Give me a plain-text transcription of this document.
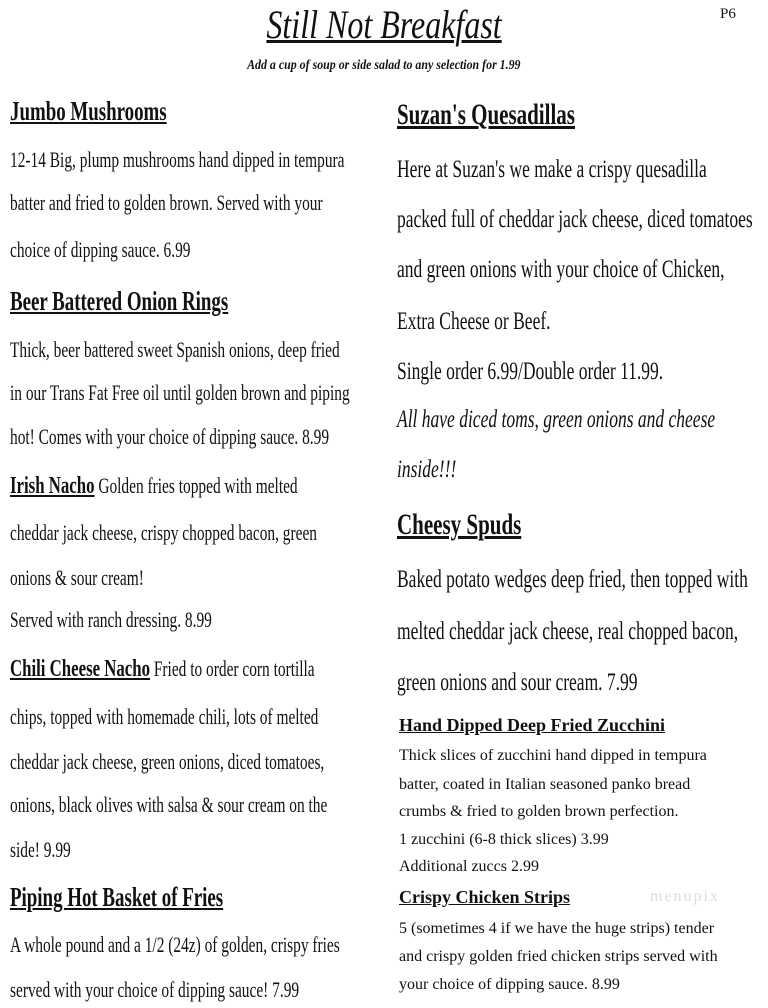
Still Not Breakfast	P6
Add a cup of soup or side salad to any selection for 1.99
Jumbo Mushrooms
12-14 Big, plump mushrooms hand dipped in tempura
batter and fried to golden brown. Served with your
choice of dipping sauce. 6.99
Beer Battered Onion Rings
Thick, beer battered sweet Spanish onions, deep fried
in our Trans Fat Free oil until golden brown and piping
hot! Comes with your choice of dipping sauce. 8.99
Irish Nacho Golden fries topped with melted
cheddar jack cheese, crispy chopped bacon, green
onions & sour cream!
Served with ranch dressing. 8.99
Chili Cheese Nacho Fried to order corn tortilla
chips, topped with homemade chili, lots of melted
cheddar jack cheese, green onions, diced tomatoes,
onions, black olives with salsa & sour cream on the
side! 9.99
Piping Hot Basket of Fries
A whole pound and a 1/2 (24z) of golden, crispy fries
served with your choice of dipping sauce! 7.99
Suzan's Quesadillas
Here at Suzan's we make a crispy quesadilla
packed full of cheddar jack cheese, diced tomatoes
and green onions with your choice of Chicken,
Extra Cheese or Beef.
Single order 6.99/Double order 11.99.
All have diced toms, green onions and cheese
inside!!!
Cheesy Spuds
Baked potato wedges deep fried, then topped with
melted cheddar jack cheese, real chopped bacon,
green onions and sour cream. 7.99
Hand Dipped Deep Fried Zucchini
Thick slices of zucchini hand dipped in tempura
batter, coated in Italian seasoned panko bread
crumbs & fried to golden brown perfection.
1 zucchini (6-8 thick slices) 3.99
Additional zuccs 2.99
Crispy Chicken Strips	menupix
5 (sometimes 4 if we have the huge strips) tender
and crispy golden fried chicken strips served with
your choice of dipping sauce. 8.99
